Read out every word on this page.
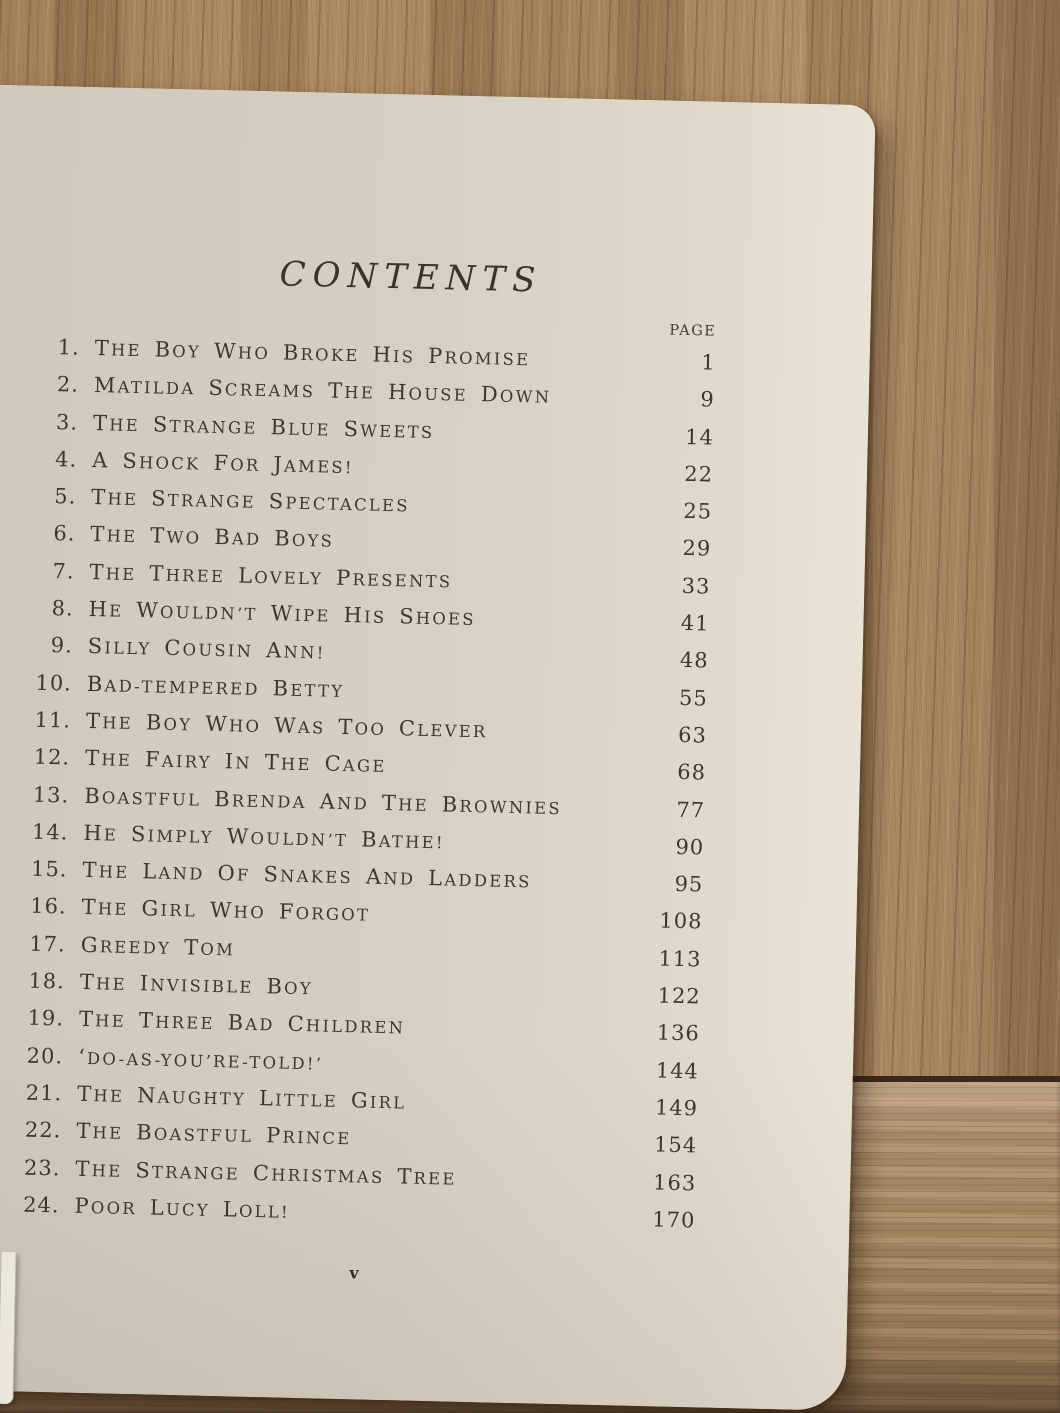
CONTENTS
PAGE
1. THE BOY WHO BROKE HIS PROMISE	1
2. MATILDA SCREAMS THE HOUSE DOWN	9
3. THE STRANGE BLUE SWEETS	14
4. A SHOCK FOR JAMES!	22
5. THE STRANGE SPECTACLES	25
6. THE TWO BAD BOYS	29
7. THE THREE LOVELY PRESENTS	33
8. HE WOULDN’T WIPE HIS SHOES	41
9. SILLY COUSIN ANN!	48
10. BAD-TEMPERED BETTY	55
11. THE BOY WHO WAS TOO CLEVER	63
12. THE FAIRY IN THE CAGE	68
13. BOASTFUL BRENDA AND THE BROWNIES	77
14. HE SIMPLY WOULDN’T BATHE!	90
15. THE LAND OF SNAKES AND LADDERS	95
16. THE GIRL WHO FORGOT	108
17. GREEDY TOM	113
18. THE INVISIBLE BOY	122
19. THE THREE BAD CHILDREN	136
20. ‘DO-AS-YOU’RE-TOLD!’	144
21. THE NAUGHTY LITTLE GIRL	149
22. THE BOASTFUL PRINCE	154
23. THE STRANGE CHRISTMAS TREE	163
24. POOR LUCY LOLL!	170
v
